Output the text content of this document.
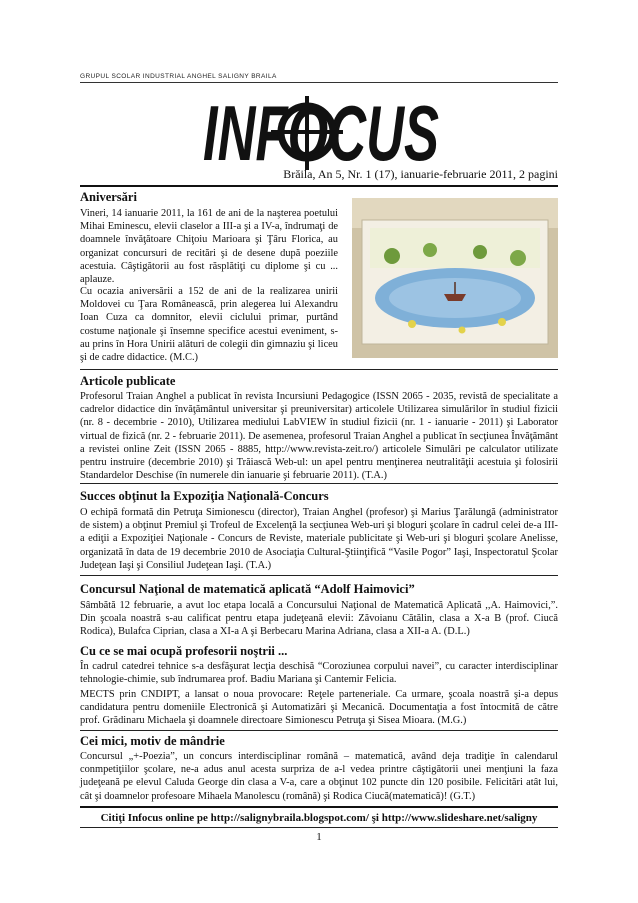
GRUPUL SCOLAR INDUSTRIAL ANGHEL SALIGNY BRAILA
INFOCUS
Brăila, An 5, Nr. 1 (17), ianuarie-februarie 2011, 2 pagini
Aniversări

Vineri, 14 ianuarie 2011, la 161 de ani de la naşterea poetului Mihai Eminescu, elevii claselor a III-a şi a IV-a, îndrumaţi de doamnele învăţătoare Chiţoiu Marioara şi Ţâru Florica, au organizat concursuri de recitări şi de desene după poeziile acestuia. Câştigătorii au fost răsplătiţi cu diplome şi cu ... aplauze.

Cu ocazia aniversării a 152 de ani de la realizarea unirii Moldovei cu Ţara Românească, prin alegerea lui Alexandru Ioan Cuza ca domnitor, elevii ciclului primar, purtând costume naţionale şi însemne specifice acestui eveniment, s-au prins în Hora Unirii alături de colegii din gimnaziu şi liceu şi de cadre didactice. (M.C.)

Articole publicate

Profesorul Traian Anghel a publicat în revista Incursiuni Pedagogice (ISSN 2065 - 2035, revistă de specialitate a cadrelor didactice din învăţământul universitar şi preuniversitar) articolele Utilizarea simulărilor în studiul fizicii (nr. 8 - decembrie - 2010), Utilizarea mediului LabVIEW în studiul fizicii (nr. 1 - ianuarie - 2011) şi Laborator virtual de fizică (nr. 2 - februarie 2011). De asemenea, profesorul Traian Anghel a publicat în secţiunea Învăţământ a revistei online Zeit (ISSN 2065 - 8885, http://www.revista-zeit.ro/) articolele Simulări pe calculator utilizate pentru instruire (decembrie 2010) şi Trăiască Web-ul: un apel pentru menţinerea neutralităţii acestuia şi folosirii Standardelor Deschise (în numerele din ianuarie şi februarie 2011). (T.A.)

Succes obţinut la Expoziţia Naţională-Concurs

O echipă formată din Petruţa Simionescu (director), Traian Anghel (profesor) şi Marius Ţarălungă (administrator de sistem) a obţinut Premiul şi Trofeul de Excelenţă la secţiunea Web-uri şi bloguri şcolare în cadrul celei de-a III-a ediţii a Expoziţiei Naţionale - Concurs de Reviste, materiale publicitate şi Web-uri şi bloguri şcolare Anelisse, organizată în data de 19 decembrie 2010 de Asociaţia Cultural-Ştiinţifică “Vasile Pogor” Iaşi, Inspectoratul Şcolar Judeţean Iaşi şi Consiliul Judeţean Iaşi. (T.A.)

Concursul Naţional de matematică aplicată “Adolf Haimovici”

Sâmbătă 12 februarie, a avut loc etapa locală a Concursului Naţional de Matematică Aplicată ,,A. Haimovici,”. Din şcoala noastră s-au calificat pentru etapa judeţeană elevii: Zăvoianu Cătălin, clasa a X-a B (prof. Ciucă Rodica), Bulafca Ciprian, clasa a XI-a A şi Berbecaru Marina Adriana, clasa a XII-a A. (D.L.)

Cu ce se mai ocupă profesorii noştrii ...

În cadrul catedrei tehnice s-a desfăşurat lecţia deschisă “Coroziunea corpului navei”, cu caracter interdisciplinar tehnologie-chimie, sub îndrumarea prof. Badiu Mariana şi Cantemir Felicia.

MECTS prin CNDIPT, a lansat o noua provocare: Reţele parteneriale. Ca urmare, şcoala noastră şi-a depus candidatura pentru domeniile Electronică şi Automatizări şi Mecanică. Documentaţia a fost întocmită de către prof. Grădinaru Michaela şi doamnele directoare Simionescu Petruţa şi Sisea Mioara. (M.G.)

Cei mici, motiv de mândrie

Concursul „+-Poezia”, un concurs interdisciplinar română – matematică, având deja tradiţie în calendarul conmpetiţiilor şcolare, ne-a adus anul acesta surpriza de a-l vedea printre câştigătorii unei menţiuni la faza judeţeană pe elevul Caluda George din clasa a V-a, care a obţinut 102 puncte din 120 posibile. Felicitări atât lui, cât şi doamnelor profesoare Mihaela Manolescu (română) şi Rodica Ciucă(matematică)! (G.T.)

Citiţi Infocus online pe http://salignybraila.blogspot.com/ şi http://www.slideshare.net/saligny
1
